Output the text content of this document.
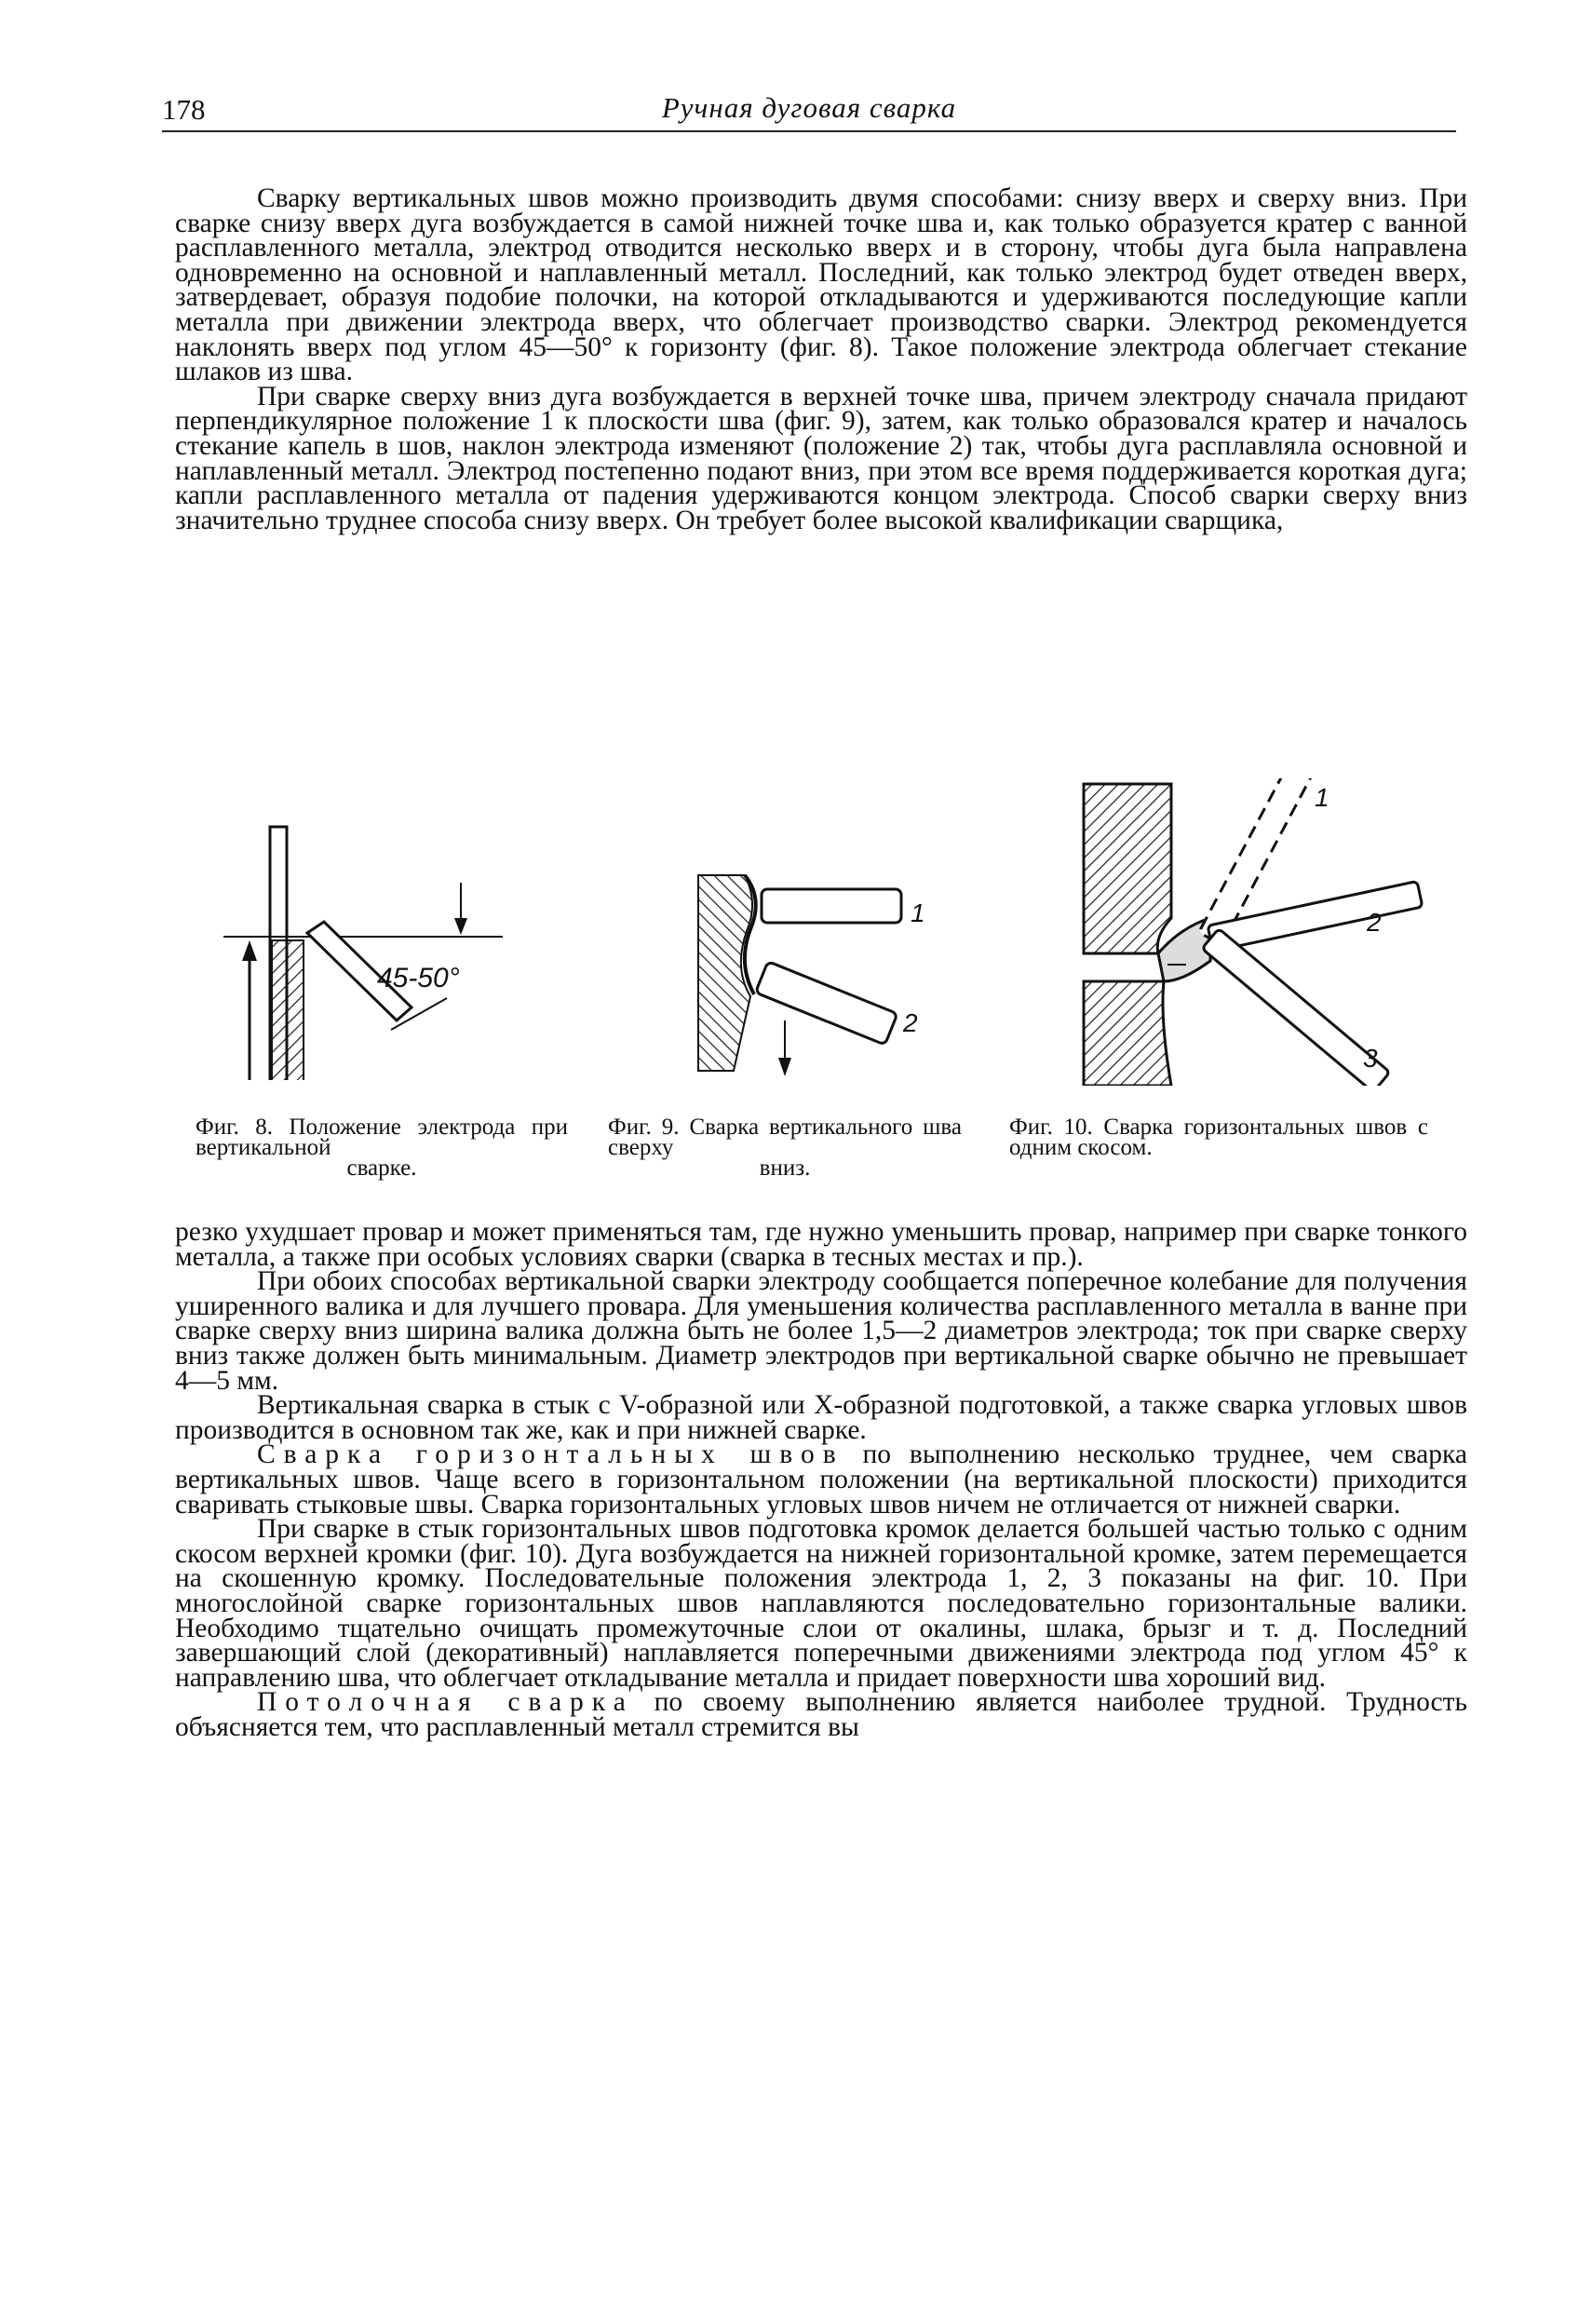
178	Ручная дуговая сварка

Сварку вертикальных швов можно производить двумя способами: снизу вверх и сверху вниз. При сварке снизу вверх дуга возбуждается в самой нижней точке шва и, как только образуется кратер с ванной расплавленного металла, электрод отводится несколько вверх и в сторону, чтобы дуга была направлена одновременно на основной и наплавленный металл. Последний, как только электрод будет отведен вверх, затвердевает, образуя подобие полочки, на которой откладываются и удерживаются последующие капли металла при движении электрода вверх, что облегчает производство сварки. Электрод рекомендуется наклонять вверх под углом 45—50° к горизонту (фиг. 8). Такое положение электрода облегчает стекание шлаков из шва.

При сварке сверху вниз дуга возбуждается в верхней точке шва, причем электроду сначала придают перпендикулярное положение 1 к плоскости шва (фиг. 9), затем, как только образовался кратер и началось стекание капель в шов, наклон электрода изменяют (положение 2) так, чтобы дуга расплавляла основной и наплавленный металл. Электрод постепенно подают вниз, при этом все время поддерживается короткая дуга; капли расплавленного металла от падения удерживаются концом электрода. Способ сварки сверху вниз значительно труднее способа снизу вверх. Он требует более высокой квалификации сварщика,

45-50°
Фиг. 8. Положение электрода при вертикальной
сварке.
1
2
Фиг. 9. Сварка вертикального шва сверху
вниз.
1
2
3
Фиг. 10. Сварка горизонтальных швов с одним скосом.

резко ухудшает провар и может применяться там, где нужно уменьшить провар, например при сварке тонкого металла, а также при особых условиях сварки (сварка в тесных местах и пр.).

При обоих способах вертикальной сварки электроду сообщается поперечное колебание для получения уширенного валика и для лучшего провара. Для уменьшения количества расплавленного металла в ванне при сварке сверху вниз ширина валика должна быть не более 1,5—2 диаметров электрода; ток при сварке сверху вниз также должен быть минимальным. Диаметр электродов при вертикальной сварке обычно не превышает 4—5 мм.

Вертикальная сварка в стык с V-образной или X-образной подготовкой, а также сварка угловых швов производится в основном так же, как и при нижней сварке.

Сварка горизонтальных швов по выполнению несколько труднее, чем сварка вертикальных швов. Чаще всего в горизонтальном положении (на вертикальной плоскости) приходится сваривать стыковые швы. Сварка горизонтальных угловых швов ничем не отличается от нижней сварки.

При сварке в стык горизонтальных швов подготовка кромок делается большей частью только с одним скосом верхней кромки (фиг. 10). Дуга возбуждается на нижней горизонтальной кромке, затем перемещается на скошенную кромку. Последовательные положения электрода 1, 2, 3 показаны на фиг. 10. При многослойной сварке горизонтальных швов наплавляются последовательно горизонтальные валики. Необходимо тщательно очищать промежуточные слои от окалины, шлака, брызг и т. д. Последний завершающий слой (декоративный) наплавляется поперечными движениями электрода под углом 45° к направлению шва, что облегчает откладывание металла и придает поверхности шва хороший вид.

Потолочная сварка по своему выполнению является наиболее трудной. Трудность объясняется тем, что расплавленный металл стремится вы
